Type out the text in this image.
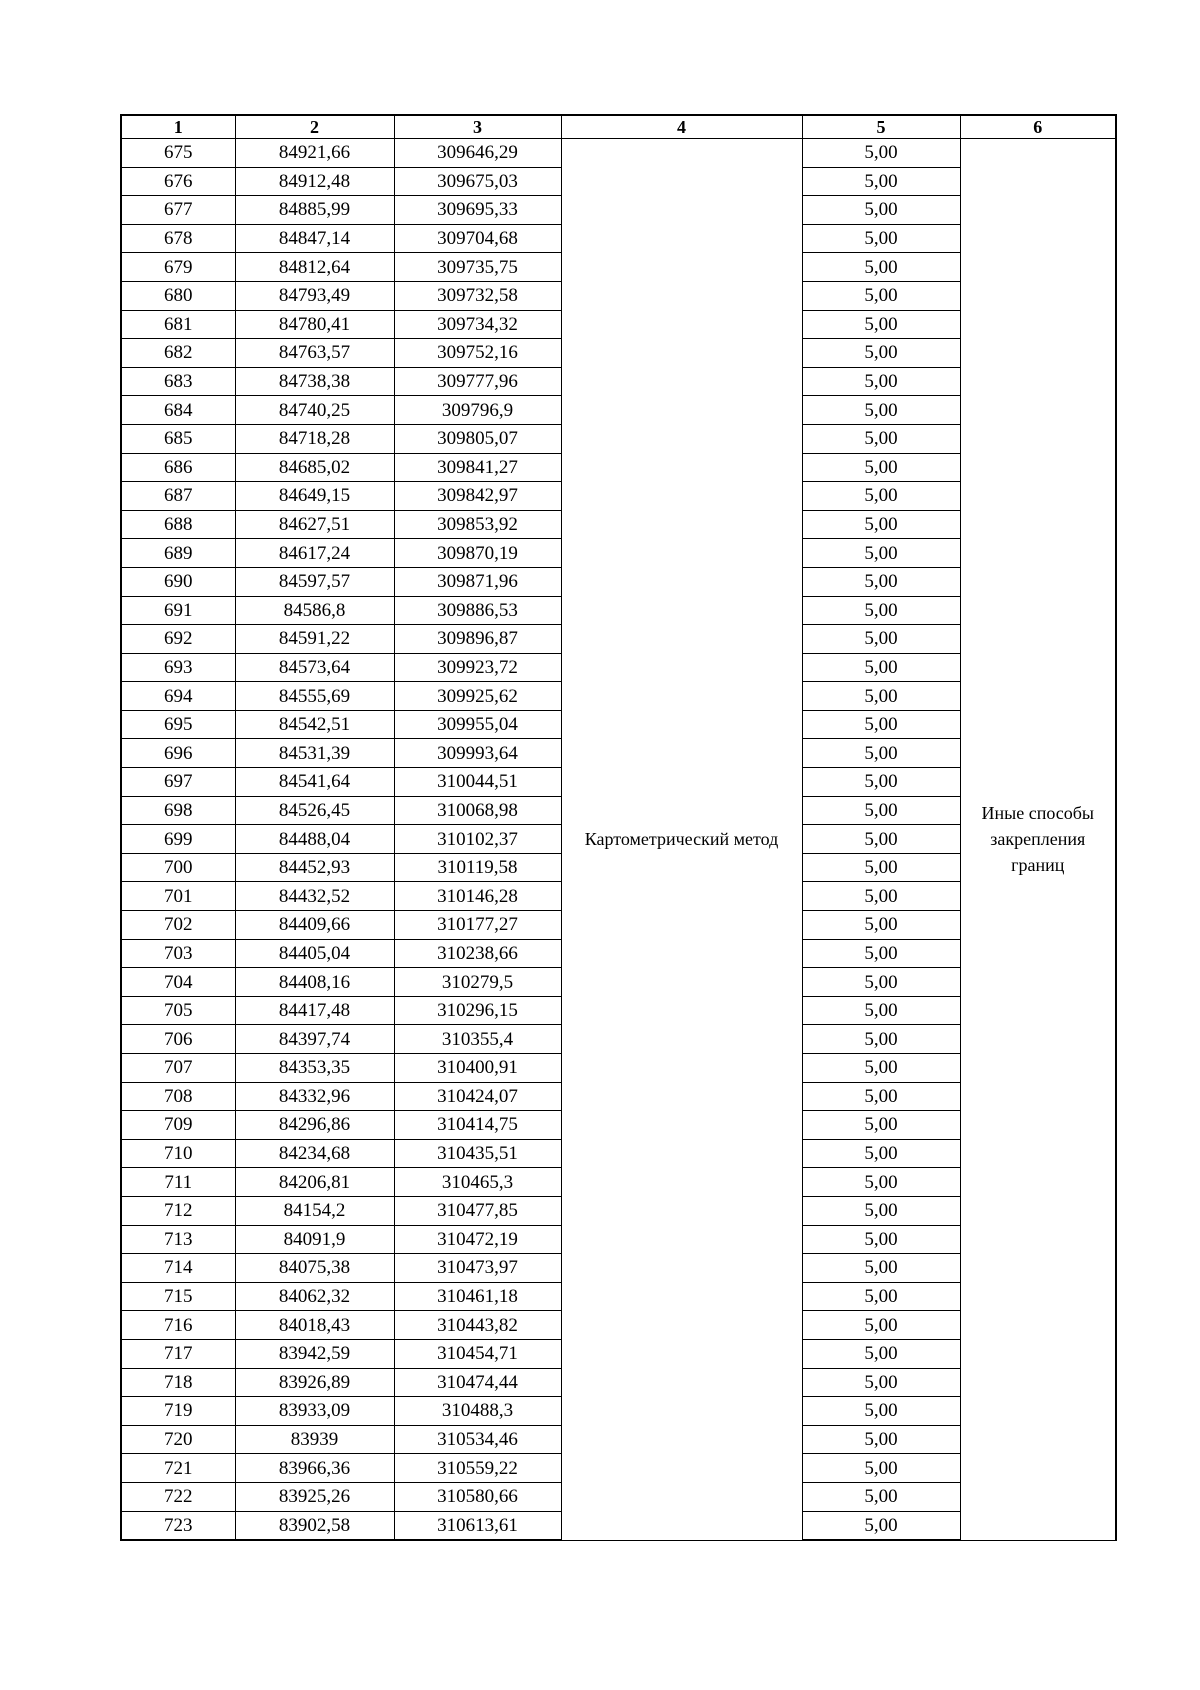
1	2	3	4	5	6
675	84921,66	309646,29	Картометрический метод	5,00	Иные способы закрепления границ
676	84912,48	309675,03		5,00	
677	84885,99	309695,33		5,00	
678	84847,14	309704,68		5,00	
679	84812,64	309735,75		5,00	
680	84793,49	309732,58		5,00	
681	84780,41	309734,32		5,00	
682	84763,57	309752,16		5,00	
683	84738,38	309777,96		5,00	
684	84740,25	309796,9		5,00	
685	84718,28	309805,07		5,00	
686	84685,02	309841,27		5,00	
687	84649,15	309842,97		5,00	
688	84627,51	309853,92		5,00	
689	84617,24	309870,19		5,00	
690	84597,57	309871,96		5,00	
691	84586,8	309886,53		5,00	
692	84591,22	309896,87		5,00	
693	84573,64	309923,72		5,00	
694	84555,69	309925,62		5,00	
695	84542,51	309955,04		5,00	
696	84531,39	309993,64		5,00	
697	84541,64	310044,51		5,00	
698	84526,45	310068,98		5,00	
699	84488,04	310102,37		5,00	
700	84452,93	310119,58		5,00	
701	84432,52	310146,28		5,00	
702	84409,66	310177,27		5,00	
703	84405,04	310238,66		5,00	
704	84408,16	310279,5		5,00	
705	84417,48	310296,15		5,00	
706	84397,74	310355,4		5,00	
707	84353,35	310400,91		5,00	
708	84332,96	310424,07		5,00	
709	84296,86	310414,75		5,00	
710	84234,68	310435,51		5,00	
711	84206,81	310465,3		5,00	
712	84154,2	310477,85		5,00	
713	84091,9	310472,19		5,00	
714	84075,38	310473,97		5,00	
715	84062,32	310461,18		5,00	
716	84018,43	310443,82		5,00	
717	83942,59	310454,71		5,00	
718	83926,89	310474,44		5,00	
719	83933,09	310488,3		5,00	
720	83939	310534,46		5,00	
721	83966,36	310559,22		5,00	
722	83925,26	310580,66		5,00	
723	83902,58	310613,61		5,00	
